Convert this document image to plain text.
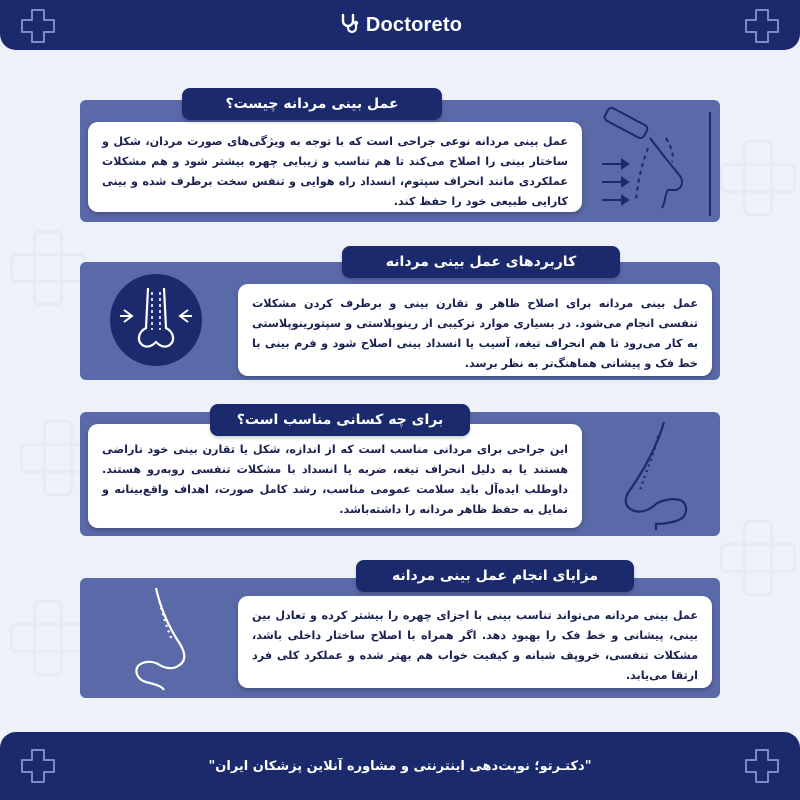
Doctoreto
عمل بینی مردانه نوعی جراحی است که با توجه به ویژگی‌های صورت مردان، شکل و ساختار بینی را اصلاح می‌کند تا هم تناسب و زیبایی چهره بیشتر شود و هم مشکلات عملکردی مانند انحراف سپتوم، انسداد راه هوایی و تنفس سخت برطرف شده و بینی کارایی طبیعی خود را حفظ کند.
عمل بینی مردانه چیست؟
عمل بینی مردانه برای اصلاح ظاهر و تقارن بینی و برطرف کردن مشکلات تنفسی انجام می‌شود. در بسیاری موارد ترکیبی از رینوپلاستی و سپتورینوپلاستی به کار می‌رود تا هم انحراف تیغه، آسیب یا انسداد بینی اصلاح شود و فرم بینی با خط فک و پیشانی هماهنگ‌تر به نظر برسد.
کاربردهای عمل بینی مردانه
این جراحی برای مردانی مناسب است که از اندازه، شکل یا تقارن بینی خود ناراضی هستند یا به دلیل انحراف تیغه، ضربه یا انسداد با مشکلات تنفسی روبه‌رو هستند. داوطلب ایده‌آل باید سلامت عمومی مناسب، رشد کامل صورت، اهداف واقع‌بینانه و تمایل به حفظ ظاهر مردانه را داشته‌باشد.
برای چه کسانی مناسب است؟
عمل بینی مردانه می‌تواند تناسب بینی با اجزای چهره را بیشتر کرده و تعادل بین بینی، پیشانی و خط فک را بهبود دهد. اگر همراه با اصلاح ساختار داخلی باشد، مشکلات تنفسی، خروپف شبانه و کیفیت خواب هم بهتر شده و عملکرد کلی فرد ارتقا می‌یابد.
مزایای انجام عمل بینی مردانه
"دکتـرتو؛ نوبت‌دهی اینترنتی و مشاوره آنلاین پزشکان ایران"
